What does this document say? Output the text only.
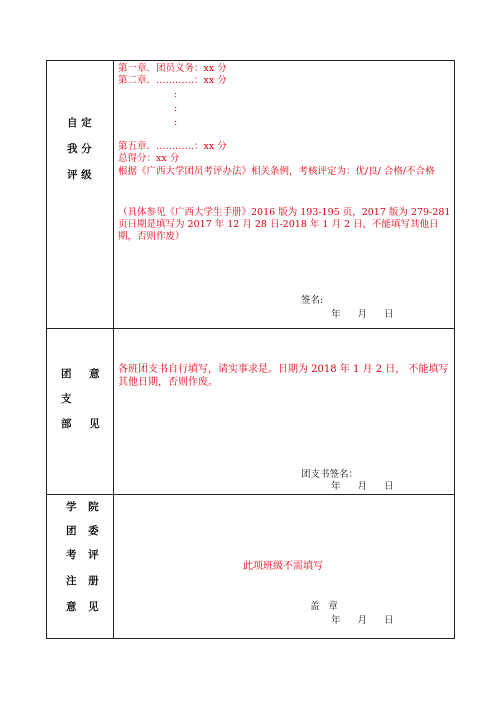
自 定
我 分
评 级
第一章．团员义务：xx 分
第二章．…………：xx 分
:
:
:
第五章．…………：xx 分
总得分：xx 分
根据《广西大学团员考评办法》相关条例，考核评定为：优/良/ 合格/不合格
（具体参见《广西大学生手册》2016 版为 193-195 页，2017 版为 279-281 页日期是填写为 2017 年 12 月 28 日-2018 年 1 月 2 日，不能填写其他日期，否则作废）
签名:
年 月 日
团 意
支
部 见
各班团支书自行填写，请实事求是。日期为 2018 年 1 月 2 日， 不能填写其他日期，否则作废。
团支书签名：
年 月 日
学 院
团 委
考 评
注 册
意 见
此项班级不需填写
盖 章
年 月 日
